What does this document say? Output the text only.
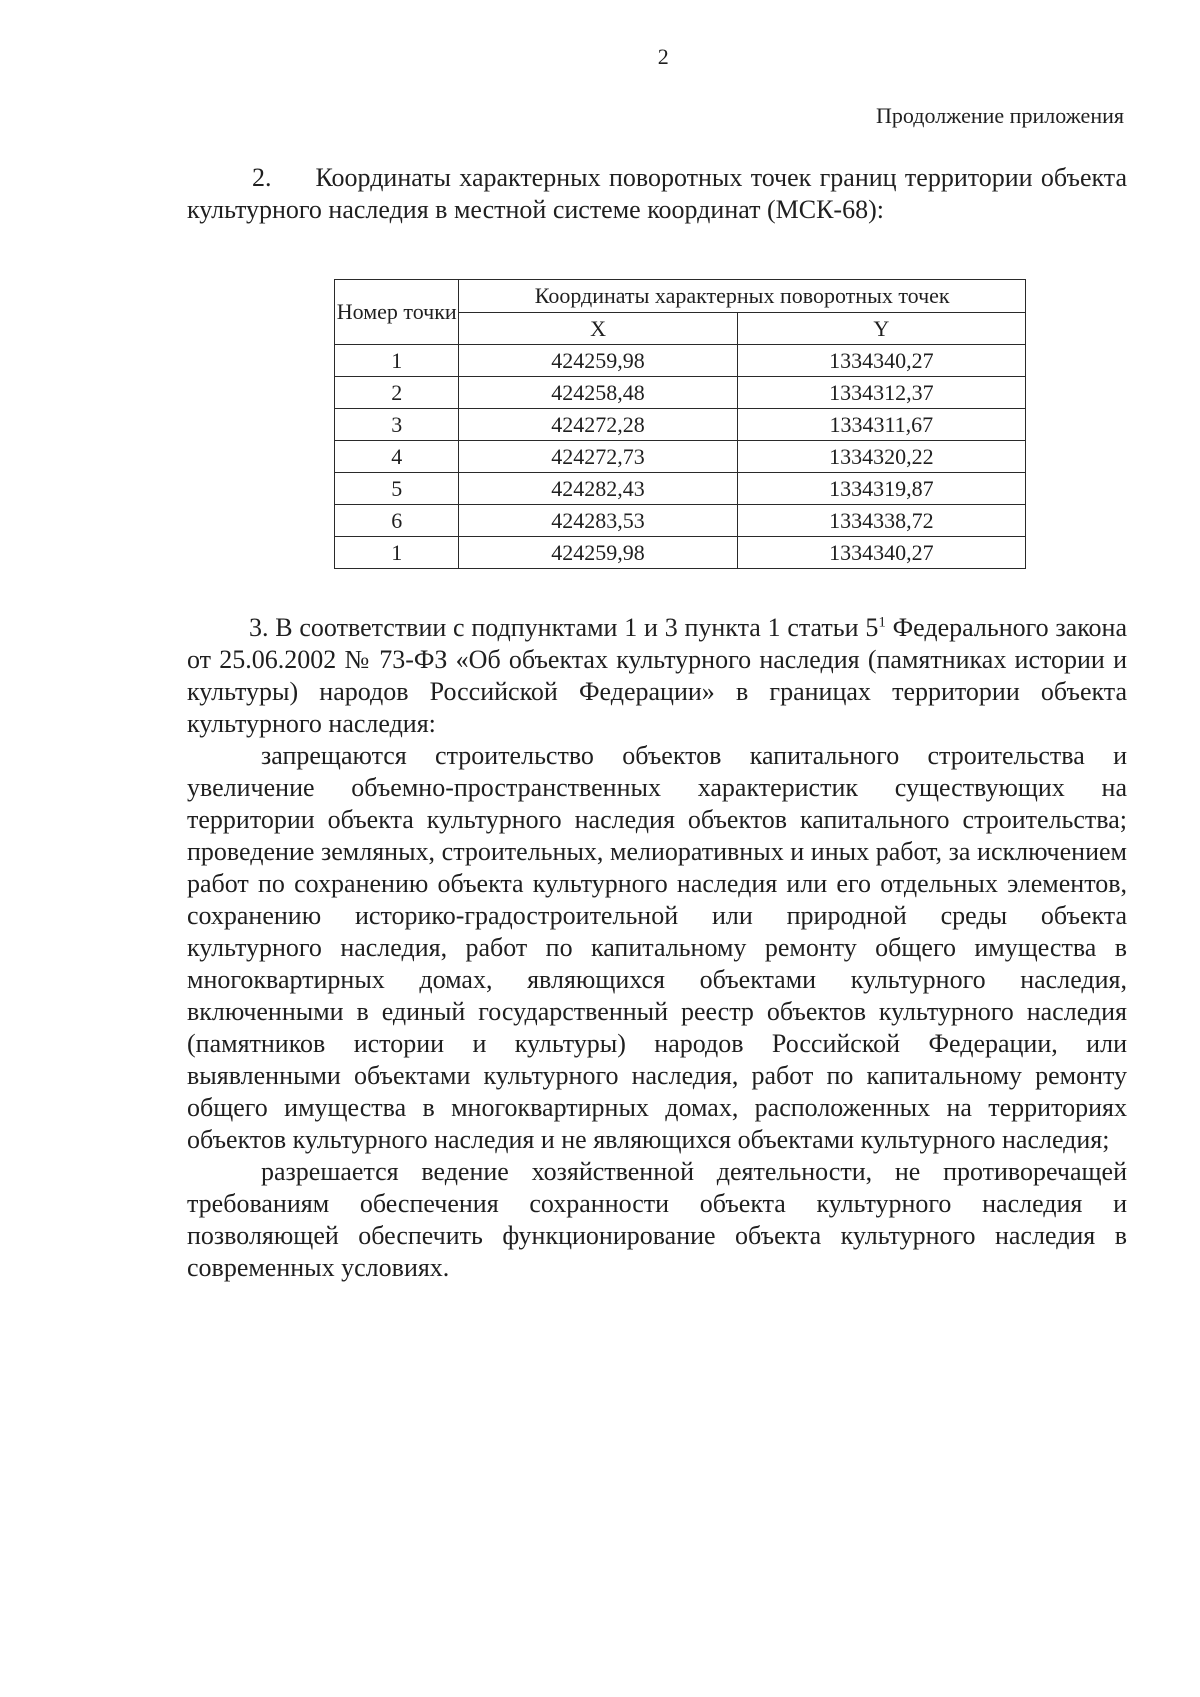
2
Продолжение приложения

2. Координаты характерных поворотных точек границ территории объекта культурного наследия в местной системе координат (МСК-68):

Номер точки	Координаты характерных поворотных точек	
	X	Y
1	424259,98	1334340,27
2	424258,48	1334312,37
3	424272,28	1334311,67
4	424272,73	1334320,22
5	424282,43	1334319,87
6	424283,53	1334338,72
1	424259,98	1334340,27

3. В соответствии с подпунктами 1 и 3 пункта 1 статьи $5^1$ Федерального закона от 25.06.2002 № 73-ФЗ «Об объектах культурного наследия (памятниках истории и культуры) народов Российской Федерации» в границах территории объекта культурного наследия:

запрещаются строительство объектов капитального строительства и увеличение объемно-пространственных характеристик существующих на территории объекта культурного наследия объектов капитального строительства; проведение земляных, строительных, мелиоративных и иных работ, за исключением работ по сохранению объекта культурного наследия или его отдельных элементов, сохранению историко-градостроительной или природной среды объекта культурного наследия, работ по капитальному ремонту общего имущества в многоквартирных домах, являющихся объектами культурного наследия, включенными в единый государственный реестр объектов культурного наследия (памятников истории и культуры) народов Российской Федерации, или выявленными объектами культурного наследия, работ по капитальному ремонту общего имущества в многоквартирных домах, расположенных на территориях объектов культурного наследия и не являющихся объектами культурного наследия;

разрешается ведение хозяйственной деятельности, не противоречащей требованиям обеспечения сохранности объекта культурного наследия и позволяющей обеспечить функционирование объекта культурного наследия в современных условиях.
